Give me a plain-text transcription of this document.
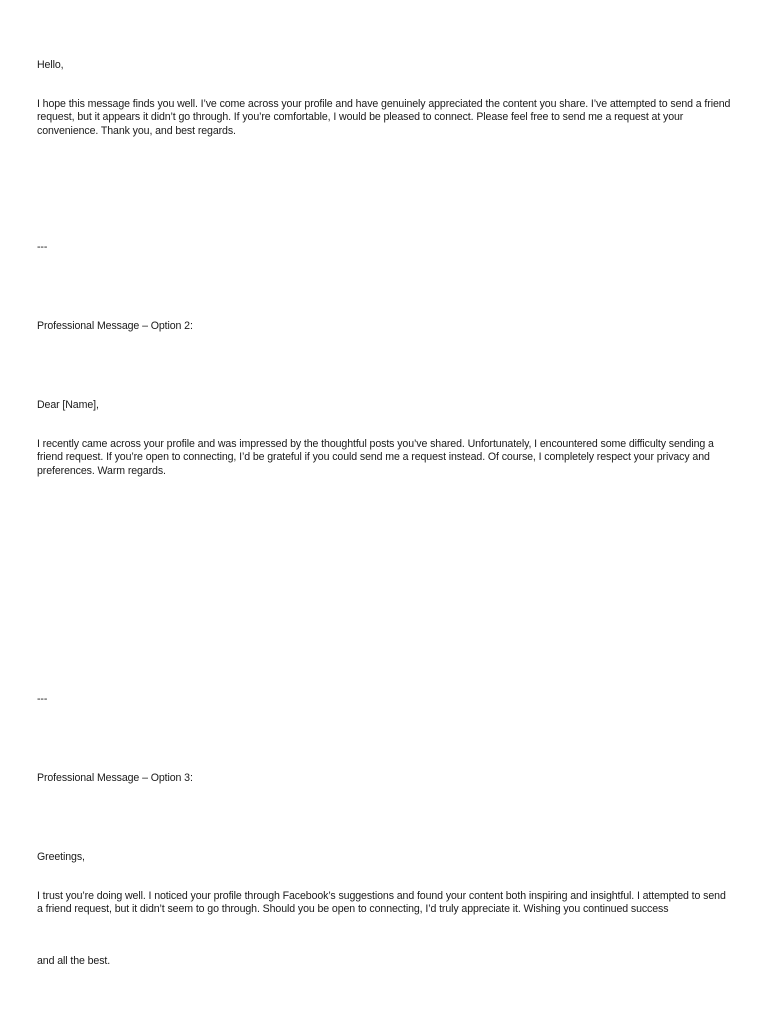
Hello,

I hope this message finds you well. I’ve come across your profile and have genuinely appreciated the content you share. I’ve attempted to send a friend request, but it appears it didn’t go through. If you’re comfortable, I would be pleased to connect. Please feel free to send me a request at your convenience. Thank you, and best regards.

---

Professional Message – Option 2:

Dear [Name],

I recently came across your profile and was impressed by the thoughtful posts you’ve shared. Unfortunately, I encountered some difficulty sending a friend request. If you’re open to connecting, I’d be grateful if you could send me a request instead. Of course, I completely respect your privacy and preferences. Warm regards.

---

Professional Message – Option 3:

Greetings,

I trust you’re doing well. I noticed your profile through Facebook’s suggestions and found your content both inspiring and insightful. I attempted to send a friend request, but it didn’t seem to go through. Should you be open to connecting, I’d truly appreciate it. Wishing you continued success

and all the best.
